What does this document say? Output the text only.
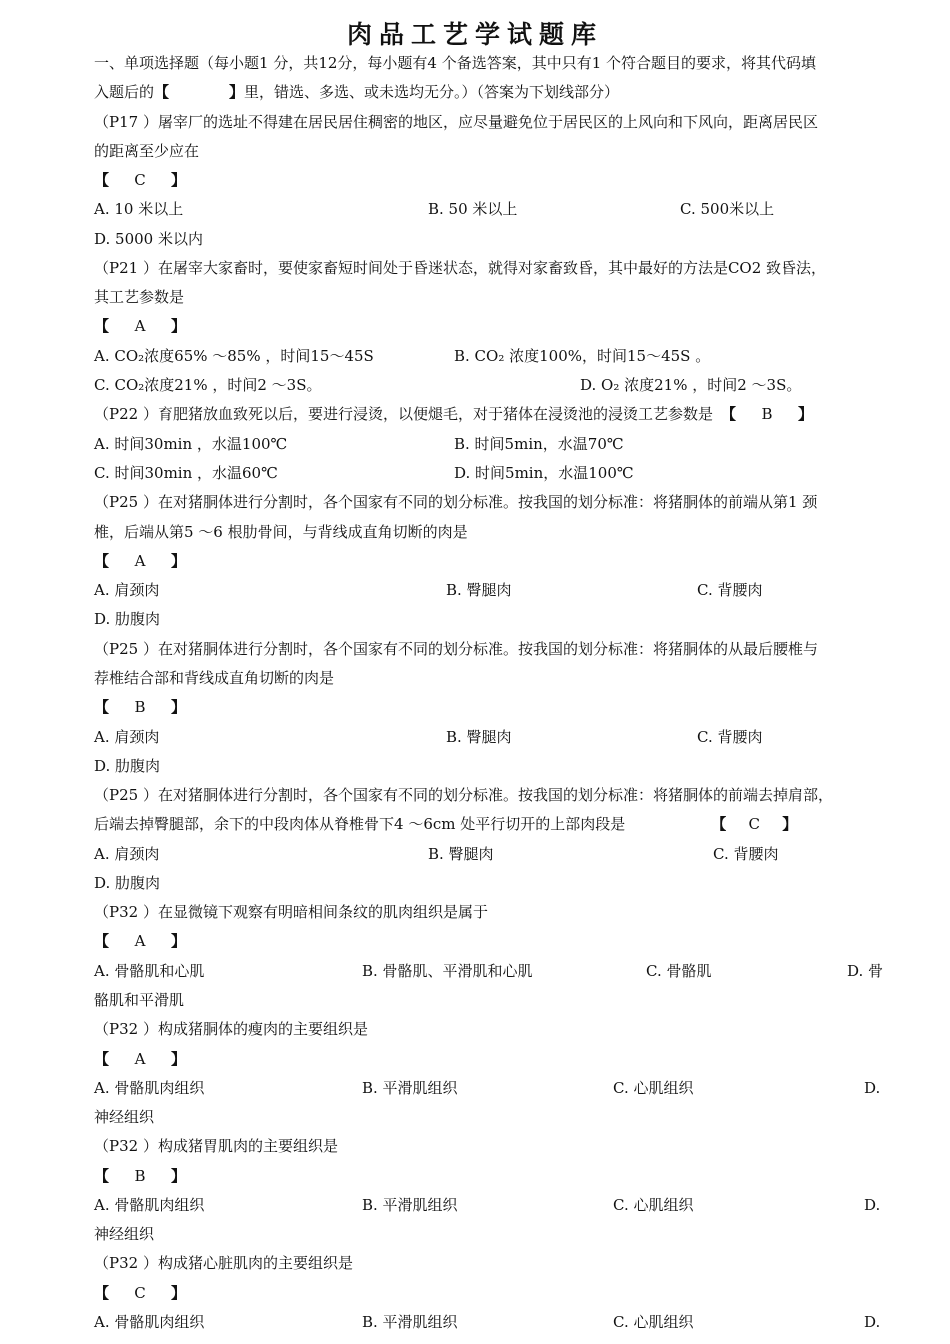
肉品工艺学试题库
一、单项选择题（每小题1 分，共12分，每小题有4 个备选答案，其中只有1 个符合题目的要求，将其代码填
入题后的【	】里，错选、多选、或未选均无分。）（答案为下划线部分）
（P17 ）屠宰厂的选址不得建在居民居住稠密的地区，应尽量避免位于居民区的上风向和下风向，距离居民区
的距离至少应在
【 C 】
A. 10 米以上	B. 50 米以上	C. 500米以上
D. 5000 米以内
（P21 ）在屠宰大家畜时，要使家畜短时间处于昏迷状态，就得对家畜致昏，其中最好的方法是CO2 致昏法，
其工艺参数是
【 A 】
A. CO₂浓度65% ～85% ，时间15～45S	B. CO₂ 浓度100%，时间15～45S 。
C. CO₂浓度21% ，时间2 ～3S。	D. O₂ 浓度21% ，时间2 ～3S。
（P22 ）育肥猪放血致死以后，要进行浸烫，以便煺毛，对于猪体在浸烫池的浸烫工艺参数是 【 B 】
A. 时间30min ，水温100℃	B. 时间5min，水温70℃
C. 时间30min ，水温60℃	D. 时间5min，水温100℃
（P25 ）在对猪胴体进行分割时，各个国家有不同的划分标准。按我国的划分标准：将猪胴体的前端从第1 颈
椎，后端从第5 ～6 根肋骨间，与背线成直角切断的肉是
【 A 】
A. 肩颈肉	B. 臀腿肉	C. 背腰肉
D. 肋腹肉
（P25 ）在对猪胴体进行分割时，各个国家有不同的划分标准。按我国的划分标准：将猪胴体的从最后腰椎与
荐椎结合部和背线成直角切断的肉是
【 B 】
A. 肩颈肉	B. 臀腿肉	C. 背腰肉
D. 肋腹肉
（P25 ）在对猪胴体进行分割时，各个国家有不同的划分标准。按我国的划分标准：将猪胴体的前端去掉肩部，
后端去掉臀腿部，余下的中段肉体从脊椎骨下4 ～6cm 处平行切开的上部肉段是	【 C 】
A. 肩颈肉	B. 臀腿肉	C. 背腰肉
D. 肋腹肉
（P32 ）在显微镜下观察有明暗相间条纹的肌肉组织是属于
【 A 】
A. 骨骼肌和心肌	B. 骨骼肌、平滑肌和心肌	C. 骨骼肌	D. 骨
骼肌和平滑肌
（P32 ）构成猪胴体的瘦肉的主要组织是
【 A 】
A. 骨骼肌肉组织	B. 平滑肌组织	C. 心肌组织	D.
神经组织
（P32 ）构成猪胃肌肉的主要组织是
【 B 】
A. 骨骼肌肉组织	B. 平滑肌组织	C. 心肌组织	D.
神经组织
（P32 ）构成猪心脏肌肉的主要组织是
【 C 】
A. 骨骼肌肉组织	B. 平滑肌组织	C. 心肌组织	D.
